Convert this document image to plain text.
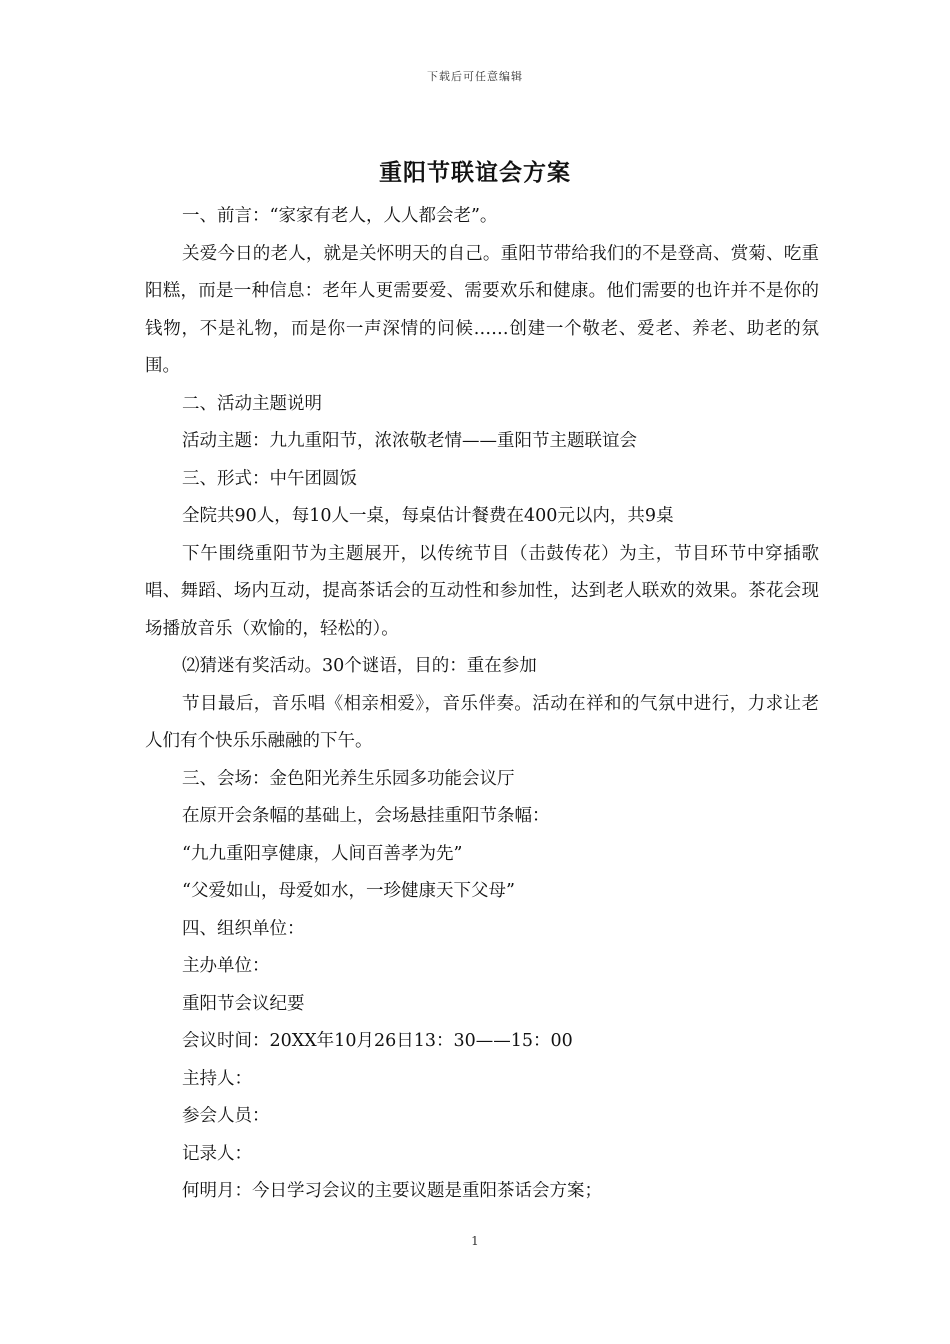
下载后可任意编辑
重阳节联谊会方案

一、前言：“家家有老人，人人都会老”。

关爱今日的老人，就是关怀明天的自己。重阳节带给我们的不是登高、赏菊、吃重阳糕，而是一种信息：老年人更需要爱、需要欢乐和健康。他们需要的也许并不是你的钱物，不是礼物，而是你一声深情的问候……创建一个敬老、爱老、养老、助老的氛围。

二、活动主题说明

活动主题：九九重阳节，浓浓敬老情——重阳节主题联谊会

三、形式：中午团圆饭

全院共90人，每10人一桌，每桌估计餐费在400元以内，共9桌

下午围绕重阳节为主题展开，以传统节目（击鼓传花）为主，节目环节中穿插歌唱、舞蹈、场内互动，提高茶话会的互动性和参加性，达到老人联欢的效果。茶花会现场播放音乐（欢愉的，轻松的）。

⑵猜迷有奖活动。30个谜语，目的：重在参加

节目最后，音乐唱《相亲相爱》，音乐伴奏。活动在祥和的气氛中进行，力求让老人们有个快乐乐融融的下午。

三、会场：金色阳光养生乐园多功能会议厅

在原开会条幅的基础上，会场悬挂重阳节条幅：

“九九重阳享健康，人间百善孝为先”

“父爱如山，母爱如水，一珍健康天下父母”

四、组织单位：

主办单位：

重阳节会议纪要

会议时间：20XX年10月26日13：30——15：00

主持人：

参会人员：

记录人：

何明月：今日学习会议的主要议题是重阳茶话会方案；

1
